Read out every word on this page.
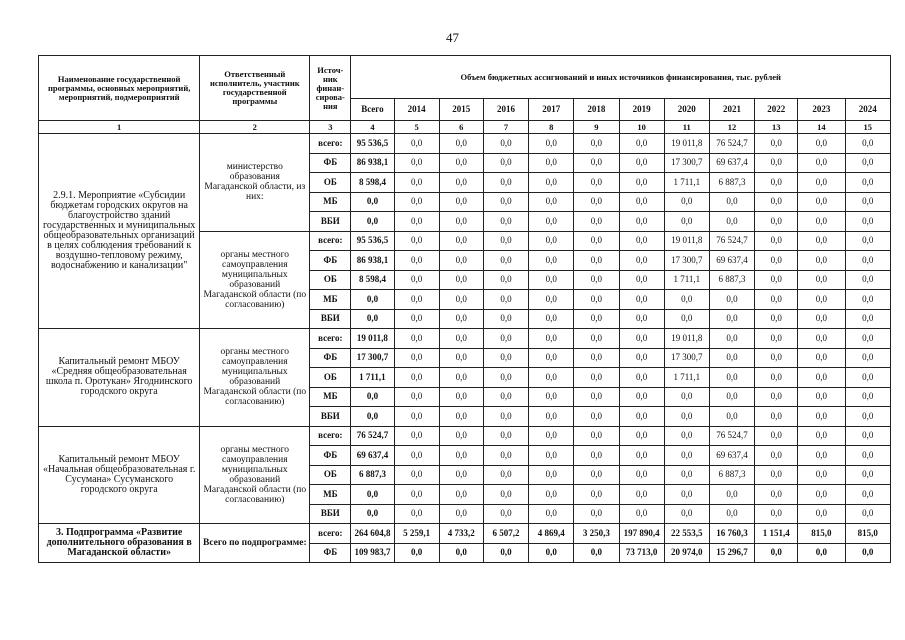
47
Наименование государственной программы, основных мероприятий, мероприятий, подмероприятий	Ответственный исполнитель, участник государственной программы	Источ-ник финан-сирова-ния	Объем бюджетных ассигнований и иных источников финансирования, тыс. рублей											
			Всего	2014	2015	2016	2017	2018	2019	2020	2021	2022	2023	2024
1	2	3	4	5	6	7	8	9	10	11	12	13	14	15
2.9.1. Мероприятие «Субсидии бюджетам городских округов на благоустройство зданий государственных и муниципальных общеобразовательных организаций в целях соблюдения требований к воздушно-тепловому режиму, водоснабжению и канализации"	министерство образования Магаданской области, из них:	всего:	95 536,5	0,0	0,0	0,0	0,0	0,0	0,0	19 011,8	76 524,7	0,0	0,0	0,0
		ФБ	86 938,1	0,0	0,0	0,0	0,0	0,0	0,0	17 300,7	69 637,4	0,0	0,0	0,0
		ОБ	8 598,4	0,0	0,0	0,0	0,0	0,0	0,0	1 711,1	6 887,3	0,0	0,0	0,0
		МБ	0,0	0,0	0,0	0,0	0,0	0,0	0,0	0,0	0,0	0,0	0,0	0,0
		ВБИ	0,0	0,0	0,0	0,0	0,0	0,0	0,0	0,0	0,0	0,0	0,0	0,0
	органы местного самоуправления муниципальных образований Магаданской области (по согласованию)	всего:	95 536,5	0,0	0,0	0,0	0,0	0,0	0,0	19 011,8	76 524,7	0,0	0,0	0,0
		ФБ	86 938,1	0,0	0,0	0,0	0,0	0,0	0,0	17 300,7	69 637,4	0,0	0,0	0,0
		ОБ	8 598,4	0,0	0,0	0,0	0,0	0,0	0,0	1 711,1	6 887,3	0,0	0,0	0,0
		МБ	0,0	0,0	0,0	0,0	0,0	0,0	0,0	0,0	0,0	0,0	0,0	0,0
		ВБИ	0,0	0,0	0,0	0,0	0,0	0,0	0,0	0,0	0,0	0,0	0,0	0,0
Капитальный ремонт МБОУ «Средняя общеобразовательная школа п. Оротукан» Ягоднинского городского округа	органы местного самоуправления муниципальных образований Магаданской области (по согласованию)	всего:	19 011,8	0,0	0,0	0,0	0,0	0,0	0,0	19 011,8	0,0	0,0	0,0	0,0
		ФБ	17 300,7	0,0	0,0	0,0	0,0	0,0	0,0	17 300,7	0,0	0,0	0,0	0,0
		ОБ	1 711,1	0,0	0,0	0,0	0,0	0,0	0,0	1 711,1	0,0	0,0	0,0	0,0
		МБ	0,0	0,0	0,0	0,0	0,0	0,0	0,0	0,0	0,0	0,0	0,0	0,0
		ВБИ	0,0	0,0	0,0	0,0	0,0	0,0	0,0	0,0	0,0	0,0	0,0	0,0
Капитальный ремонт МБОУ «Начальная общеобразовательная г. Сусумана» Сусуманского городского округа	органы местного самоуправления муниципальных образований Магаданской области (по согласованию)	всего:	76 524,7	0,0	0,0	0,0	0,0	0,0	0,0	0,0	76 524,7	0,0	0,0	0,0
		ФБ	69 637,4	0,0	0,0	0,0	0,0	0,0	0,0	0,0	69 637,4	0,0	0,0	0,0
		ОБ	6 887,3	0,0	0,0	0,0	0,0	0,0	0,0	0,0	6 887,3	0,0	0,0	0,0
		МБ	0,0	0,0	0,0	0,0	0,0	0,0	0,0	0,0	0,0	0,0	0,0	0,0
		ВБИ	0,0	0,0	0,0	0,0	0,0	0,0	0,0	0,0	0,0	0,0	0,0	0,0
3. Подпрограмма «Развитие дополнительного образования в Магаданской области»	Всего по подпрограмме:	всего:	264 604,8	5 259,1	4 733,2	6 507,2	4 869,4	3 250,3	197 890,4	22 553,5	16 760,3	1 151,4	815,0	815,0
		ФБ	109 983,7	0,0	0,0	0,0	0,0	0,0	73 713,0	20 974,0	15 296,7	0,0	0,0	0,0
